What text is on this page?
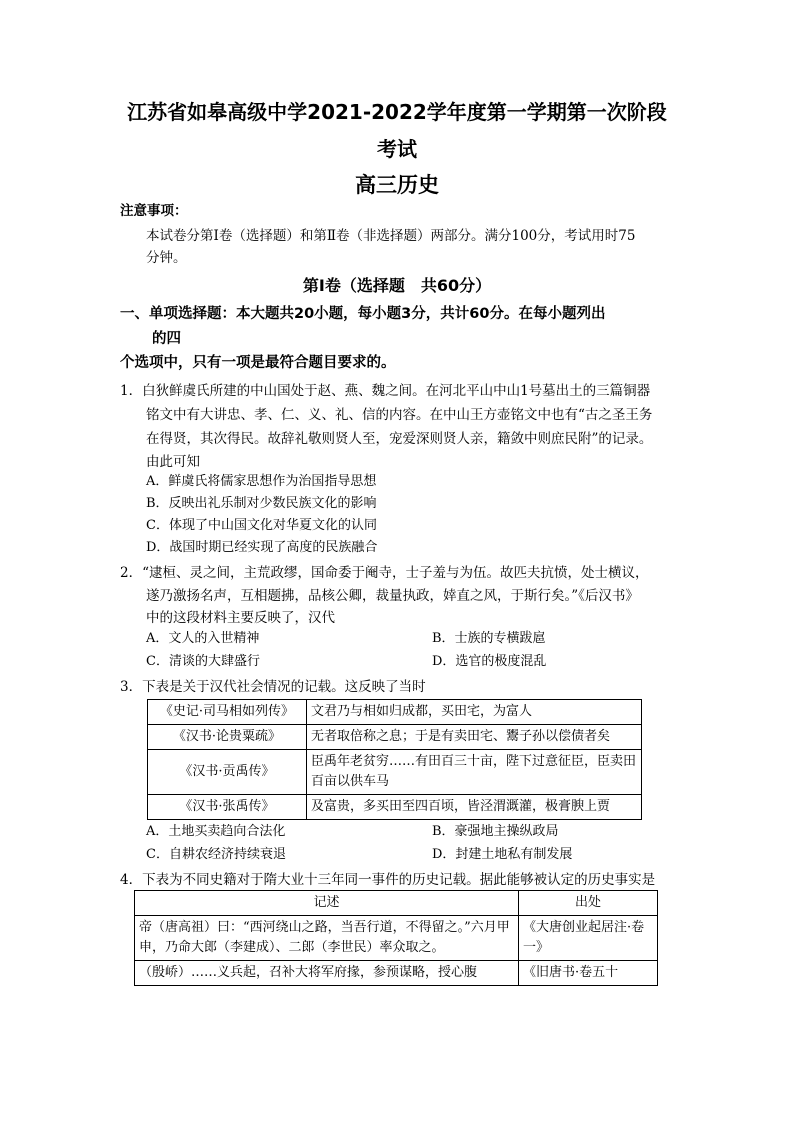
江苏省如皋高级中学2021-2022学年度第一学期第一次阶段
考试
高三历史
注意事项：
本试卷分第Ⅰ卷（选择题）和第Ⅱ卷（非选择题）两部分。满分100分，考试用时75
分钟。
第Ⅰ卷（选择题　共60分）
一、单项选择题：本大题共20小题，每小题3分，共计60分。在每小题列出
的四
个选项中，只有一项是最符合题目要求的。
1．白狄鲜虞氏所建的中山国处于赵、燕、魏之间。在河北平山中山1号墓出土的三篇铜器
铭文中有大讲忠、孝、仁、义、礼、信的内容。在中山王方壶铭文中也有“古之圣王务
在得贤，其次得民。故辞礼敬则贤人至，宠爱深则贤人亲，籍敛中则庶民附”的记录。
由此可知
A．鲜虞氏将儒家思想作为治国指导思想
B．反映出礼乐制对少数民族文化的影响
C．体现了中山国文化对华夏文化的认同
D．战国时期已经实现了高度的民族融合
2．“逮桓、灵之间，主荒政缪，国命委于阉寺，士子羞与为伍。故匹夫抗愤，处士横议，
遂乃激扬名声，互相题拂，品核公卿，裁量执政，婞直之风，于斯行矣。”《后汉书》
中的这段材料主要反映了，汉代
A．文人的入世精神	B．士族的专横跋扈
C．清谈的大肆盛行	D．选官的极度混乱
3．下表是关于汉代社会情况的记载。这反映了当时
《史记·司马相如列传》	文君乃与相如归成都，买田宅，为富人
《汉书·论贵粟疏》	无者取倍称之息；于是有卖田宅、鬻子孙以偿债者矣
《汉书·贡禹传》	臣禹年老贫穷……有田百三十亩，陛下过意征臣，臣卖田百亩以供车马
《汉书·张禹传》	及富贵，多买田至四百顷，皆泾渭溉灌，极膏腴上贾
A．土地买卖趋向合法化	B．豪强地主操纵政局
C．自耕农经济持续衰退	D．封建土地私有制发展
4．下表为不同史籍对于隋大业十三年同一事件的历史记载。据此能够被认定的历史事实是
记述	出处
帝（唐高祖）曰：“西河绕山之路，当吾行道，不得留之。”六月甲申，乃命大郎（李建成）、二郎（李世民）率众取之。	《大唐创业起居注·卷一》
（殷峤）……义兵起，召补大将军府掾，参预谋略，授心腹	《旧唐书·卷五十
